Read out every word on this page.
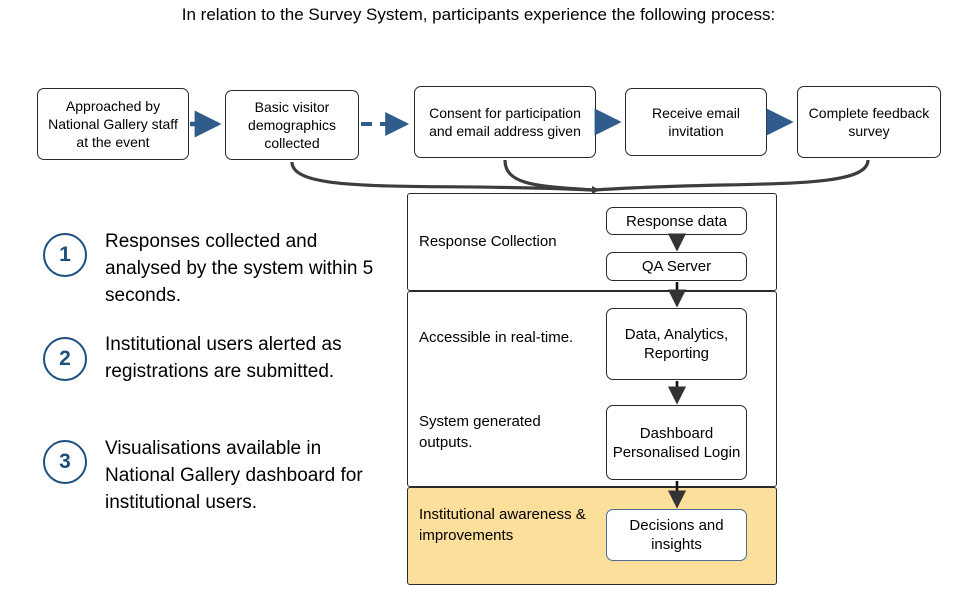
In relation to the Survey System, participants experience the following process:
Approached by National Gallery staff at the event
Basic visitor demographics collected
Consent for participation and email address given
Receive email invitation
Complete feedback survey
1
Responses collected and analysed by the system within 5 seconds.
2
Institutional users alerted as registrations are submitted.
3
Visualisations available in National Gallery dashboard for institutional users.
Response Collection
Response data
QA Server
Accessible in real-time.
System generated outputs.
Data, Analytics, Reporting
Dashboard Personalised Login
Institutional awareness & improvements
Decisions and insights
